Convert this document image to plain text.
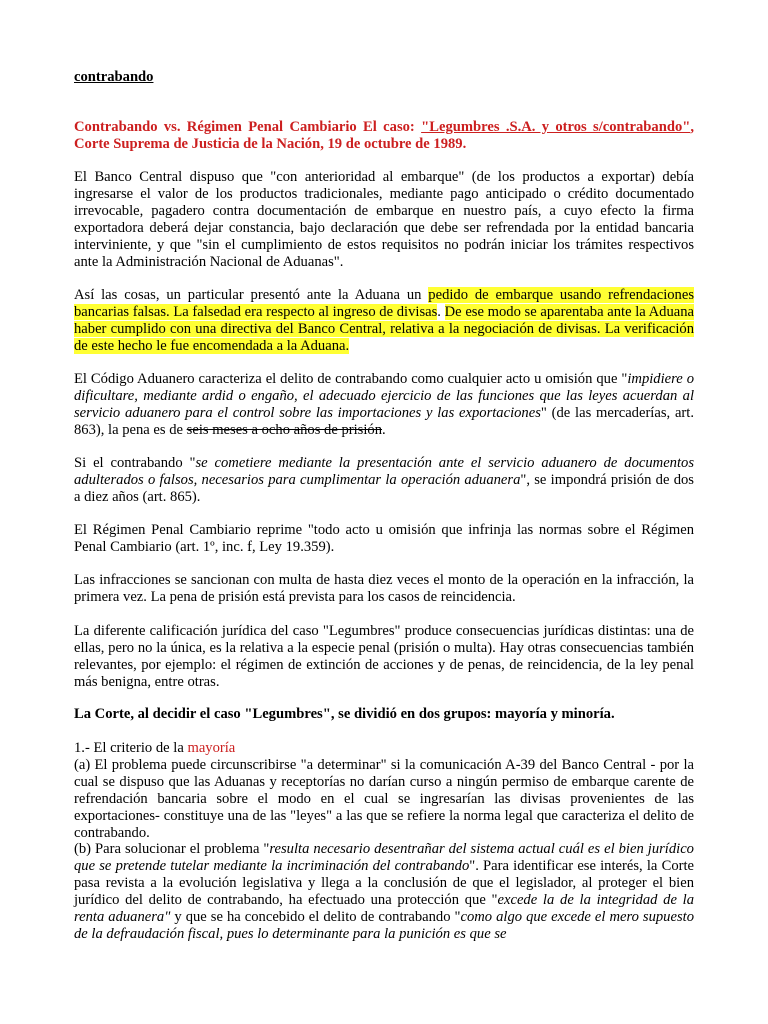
contrabando

Contrabando vs. Régimen Penal Cambiario El caso: "Legumbres .S.A. y otros s/contrabando", Corte Suprema de Justicia de la Nación, 19 de octubre de 1989.

El Banco Central dispuso que "con anterioridad al embarque" (de los productos a exportar) debía ingresarse el valor de los productos tradicionales, mediante pago anticipado o crédito documentado irrevocable, pagadero contra documentación de embarque en nuestro país, a cuyo efecto la firma exportadora deberá dejar constancia, bajo declaración que debe ser refrendada por la entidad bancaria interviniente, y que "sin el cumplimiento de estos requisitos no podrán iniciar los trámites respectivos ante la Administración Nacional de Aduanas".

Así las cosas, un particular presentó ante la Aduana un pedido de embarque usando refrendaciones bancarias falsas. La falsedad era respecto al ingreso de divisas. De ese modo se aparentaba ante la Aduana haber cumplido con una directiva del Banco Central, relativa a la negociación de divisas. La verificación de este hecho le fue encomendada a la Aduana.

El Código Aduanero caracteriza el delito de contrabando como cualquier acto u omisión que "impidiere o dificultare, mediante ardid o engaño, el adecuado ejercicio de las funciones que las leyes acuerdan al servicio aduanero para el control sobre las importaciones y las exportaciones" (de las mercaderías, art. 863), la pena es de seis meses a ocho años de prisión.

Si el contrabando "se cometiere mediante la presentación ante el servicio aduanero de documentos adulterados o falsos, necesarios para cumplimentar la operación aduanera", se impondrá prisión de dos a diez años (art. 865).

El Régimen Penal Cambiario reprime "todo acto u omisión que infrinja las normas sobre el Régimen Penal Cambiario (art. 1º, inc. f, Ley 19.359).

Las infracciones se sancionan con multa de hasta diez veces el monto de la operación en la infracción, la primera vez. La pena de prisión está prevista para los casos de reincidencia.

La diferente calificación jurídica del caso "Legumbres" produce consecuencias jurídicas distintas: una de ellas, pero no la única, es la relativa a la especie penal (prisión o multa). Hay otras consecuencias también relevantes, por ejemplo: el régimen de extinción de acciones y de penas, de reincidencia, de la ley penal más benigna, entre otras.

La Corte, al decidir el caso "Legumbres", se dividió en dos grupos: mayoría y minoría.

1.- El criterio de la mayoría

(a) El problema puede circunscribirse "a determinar" si la comunicación A-39 del Banco Central - por la cual se dispuso que las Aduanas y receptorías no darían curso a ningún permiso de embarque carente de refrendación bancaria sobre el modo en el cual se ingresarían las divisas provenientes de las exportaciones- constituye una de las "leyes" a las que se refiere la norma legal que caracteriza el delito de contrabando.

(b) Para solucionar el problema "resulta necesario desentrañar del sistema actual cuál es el bien jurídico que se pretende tutelar mediante la incriminación del contrabando". Para identificar ese interés, la Corte pasa revista a la evolución legislativa y llega a la conclusión de que el legislador, al proteger el bien jurídico del delito de contrabando, ha efectuado una protección que "excede la de la integridad de la renta aduanera" y que se ha concebido el delito de contrabando "como algo que excede el mero supuesto de la defraudación fiscal, pues lo determinante para la punición es que se
